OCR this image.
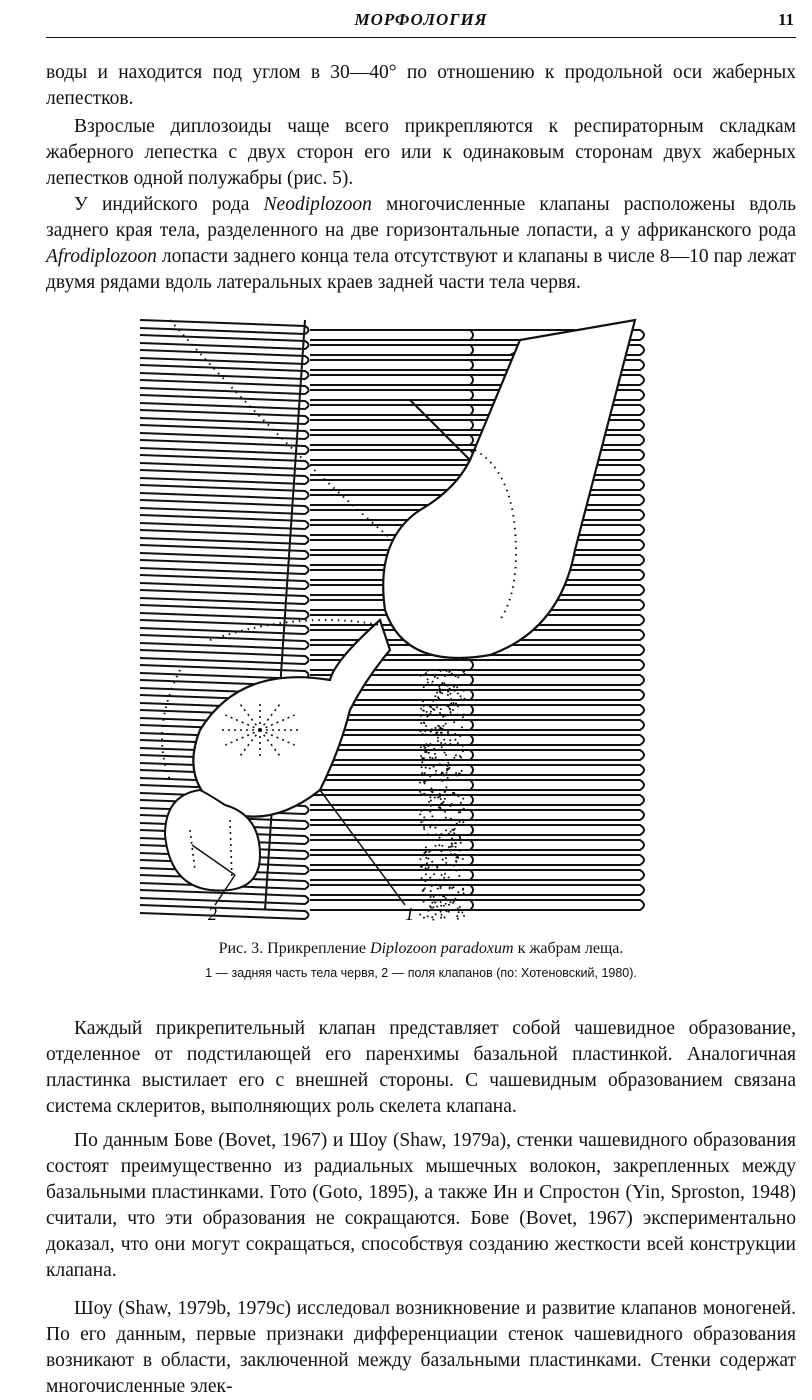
МОРФОЛОГИЯ	11

воды и находится под углом в 30—40° по отношению к продольной оси жаберных лепестков.

Взрослые диплозоиды чаще всего прикрепляются к респираторным складкам жаберного лепестка с двух сторон его или к одинаковым сторонам двух жаберных лепестков одной полужабры (рис. 5).

У индийского рода Neodiplozoon многочисленные клапаны расположены вдоль заднего края тела, разделенного на две горизонтальные лопасти, а у африканского рода Afrodiplozoon лопасти заднего конца тела отсутствуют и клапаны в числе 8—10 пар лежат двумя рядами вдоль латеральных краев задней части тела червя.

2	1

Рис. 3. Прикрепление Diplozoon paradoxum к жабрам леща.

1 — задняя часть тела червя, 2 — поля клапанов (по: Хотеновский, 1980).

Каждый прикрепительный клапан представляет собой чашевидное образование, отделенное от подстилающей его паренхимы базальной пластинкой. Аналогичная пластинка выстилает его с внешней стороны. С чашевидным образованием связана система склеритов, выполняющих роль скелета клапана.

По данным Бове (Bovet, 1967) и Шоу (Shaw, 1979a), стенки чашевидного образования состоят преимущественно из радиальных мышечных волокон, закрепленных между базальными пластинками. Гото (Goto, 1895), а также Ин и Спростон (Yin, Sproston, 1948) считали, что эти образования не сокращаются. Бове (Bovet, 1967) экспериментально доказал, что они могут сокращаться, способствуя созданию жесткости всей конструкции клапана.

Шоу (Shaw, 1979b, 1979c) исследовал возникновение и развитие клапанов моногеней. По его данным, первые признаки дифференциации стенок чашевидного образования возникают в области, заключенной между базальными пластинками. Стенки содержат многочисленные элек-
